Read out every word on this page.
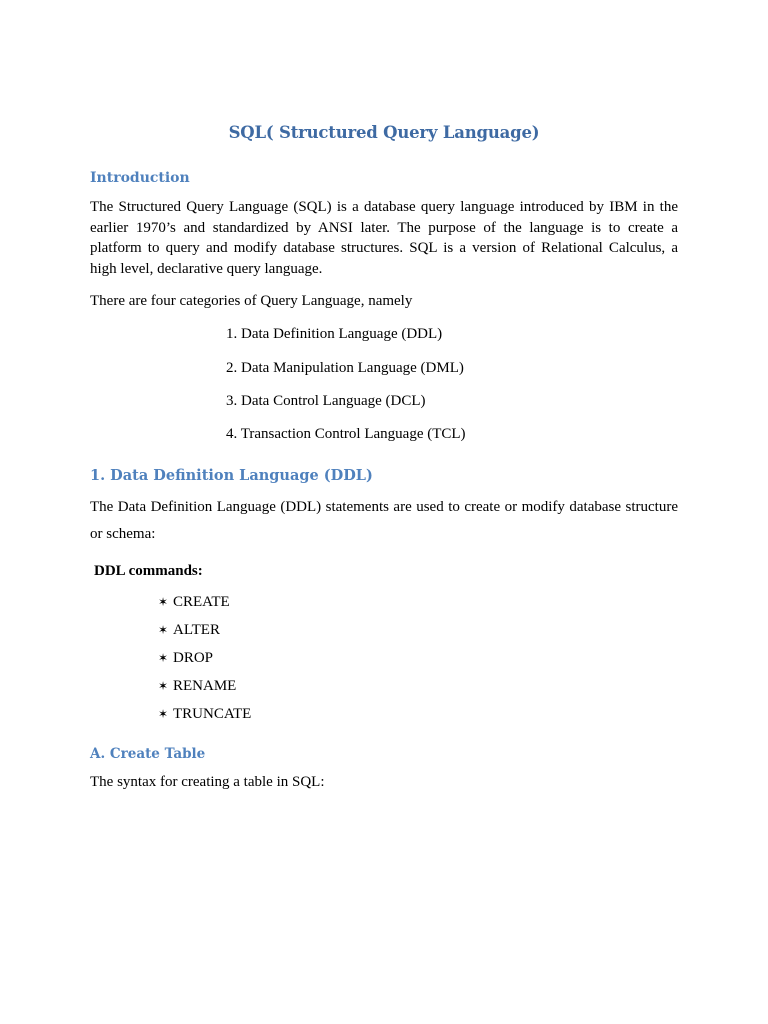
SQL( Structured Query Language)
Introduction
The Structured Query Language (SQL) is a database query language introduced by IBM in the
earlier 1970’s and standardized by ANSI later. The purpose of the language is to create a
platform to query and modify database structures. SQL is a version of Relational Calculus, a
high level, declarative query language.
There are four categories of Query Language, namely
1. Data Definition Language (DDL)
2. Data Manipulation Language (DML)
3. Data Control Language (DCL)
4. Transaction Control Language (TCL)
1. Data Definition Language (DDL)
The Data Definition Language (DDL) statements are used to create or modify database structure
or schema:
DDL commands:
✶ CREATE
✶ ALTER
✶ DROP
✶ RENAME
✶ TRUNCATE
A. Create Table
The syntax for creating a table in SQL:
